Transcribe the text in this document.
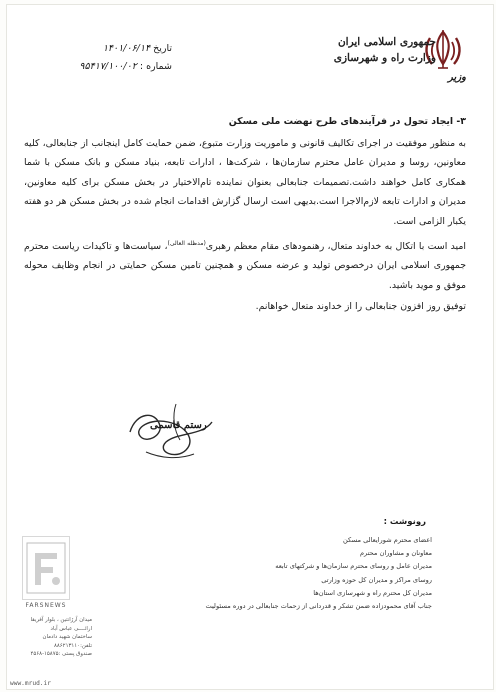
جمهوری اسلامی ایران
وزارت راه و شهرسازی
وزیر
تاریخ ۱۴۰۱/۰۶/۱۴
شماره : ۹۵۴۱۷/۱۰۰/۰۲

۳- ایجاد تحول در فرآیندهای طرح نهضت ملی مسکن

به منظور موفقیت در اجرای تکالیف قانونی و ماموریت وزارت متبوع، ضمن حمایت کامل اینجانب از جنابعالی، کلیه معاونین، روسا و مدیران عامل محترم سازمان‌ها ، شرکت‌ها ، ادارات تابعه، بنیاد مسکن و بانک مسکن با شما همکاری کامل خواهند داشت.تصمیمات جنابعالی بعنوان نماینده تام‌الاختیار در بخش مسکن برای کلیه معاونین، مدیران و ادارات تابعه لازم‌الاجرا است.بدیهی است ارسال گزارش اقدامات انجام شده در بخش مسکن هر دو هفته یکبار الزامی است.

امید است با اتکال به خداوند متعال، رهنمودهای مقام معظم رهبری$^{(مدظله العالی)}$، سیاست‌ها و تاکیدات ریاست محترم جمهوری اسلامی ایران درخصوص تولید و عرضه مسکن و همچنین تامین مسکن حمایتی در انجام وظایف محوله موفق و موید باشید.

توفیق روز افزون جنابعالی را از خداوند متعال خواهانم.

رستم قاسمی
رونوشت :
اعضای محترم شورایعالی مسکن
معاونان و مشاوران محترم
مدیران عامل و روسای محترم سازمان‌ها و شرکتهای تابعه
روسای مراکز و مدیران کل حوزه وزارتی
مدیران کل محترم راه و شهرسازی استان‌ها
جناب آقای محمودزاده ضمن تشکر و قدردانی از زحمات جنابعالی در دوره مسئولیت
FARSNEWS
میدان آرژانتین ، بلوار آفریقا
ارائــــی عباس آباد
ساختمان شهید دادمان
تلفن:۸۸۶۲۱۳۱۱۰
صندوق پستی :۱۵۸۷۵-۴۵۶۸
www.mrud.ir
